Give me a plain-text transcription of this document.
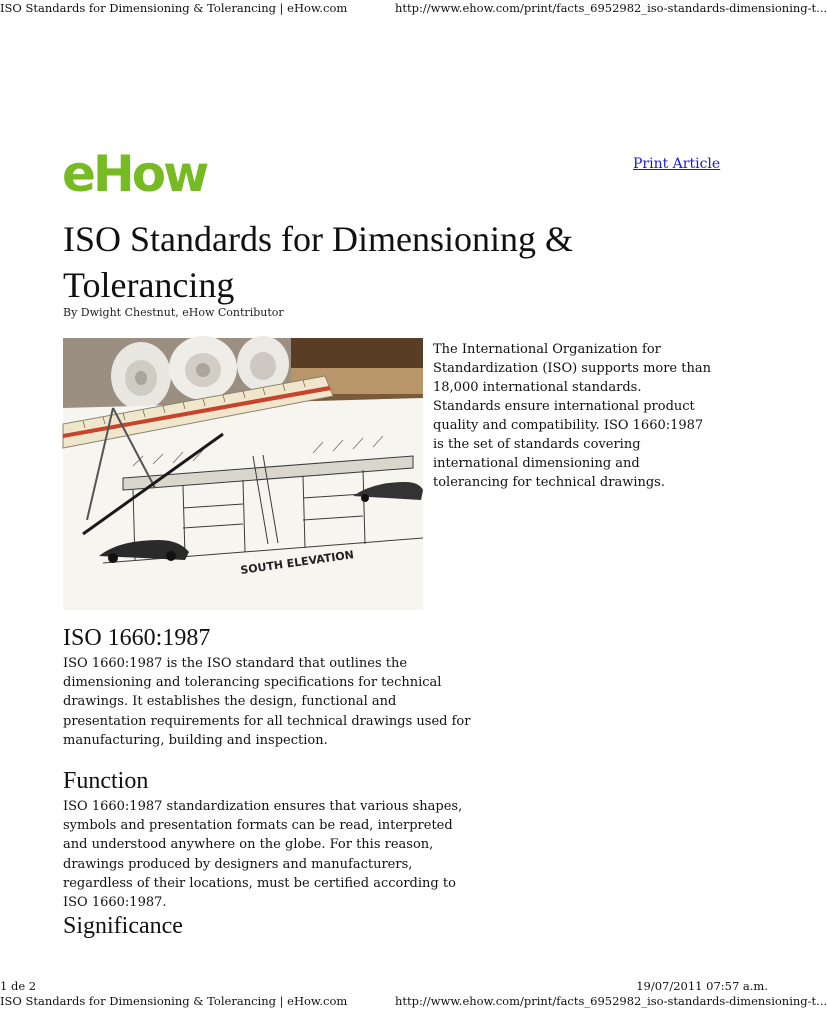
ISO Standards for Dimensioning & Tolerancing | eHow.com	http://www.ehow.com/print/facts_6952982_iso-standards-dimensioning-t...
eHow	Print Article
ISO Standards for Dimensioning & Tolerancing
By Dwight Chestnut, eHow Contributor
SOUTH ELEVATION

The International Organization for Standardization (ISO) supports more than 18,000 international standards. Standards ensure international product quality and compatibility. ISO 1660:1987 is the set of standards covering international dimensioning and tolerancing for technical drawings.

ISO 1660:1987

ISO 1660:1987 is the ISO standard that outlines the dimensioning and tolerancing specifications for technical drawings. It establishes the design, functional and presentation requirements for all technical drawings used for manufacturing, building and inspection.

Function

ISO 1660:1987 standardization ensures that various shapes, symbols and presentation formats can be read, interpreted and understood anywhere on the globe. For this reason, drawings produced by designers and manufacturers, regardless of their locations, must be certified according to ISO 1660:1987.

Significance
1 de 2	19/07/2011 07:57 a.m.
ISO Standards for Dimensioning & Tolerancing | eHow.com	http://www.ehow.com/print/facts_6952982_iso-standards-dimensioning-t...
